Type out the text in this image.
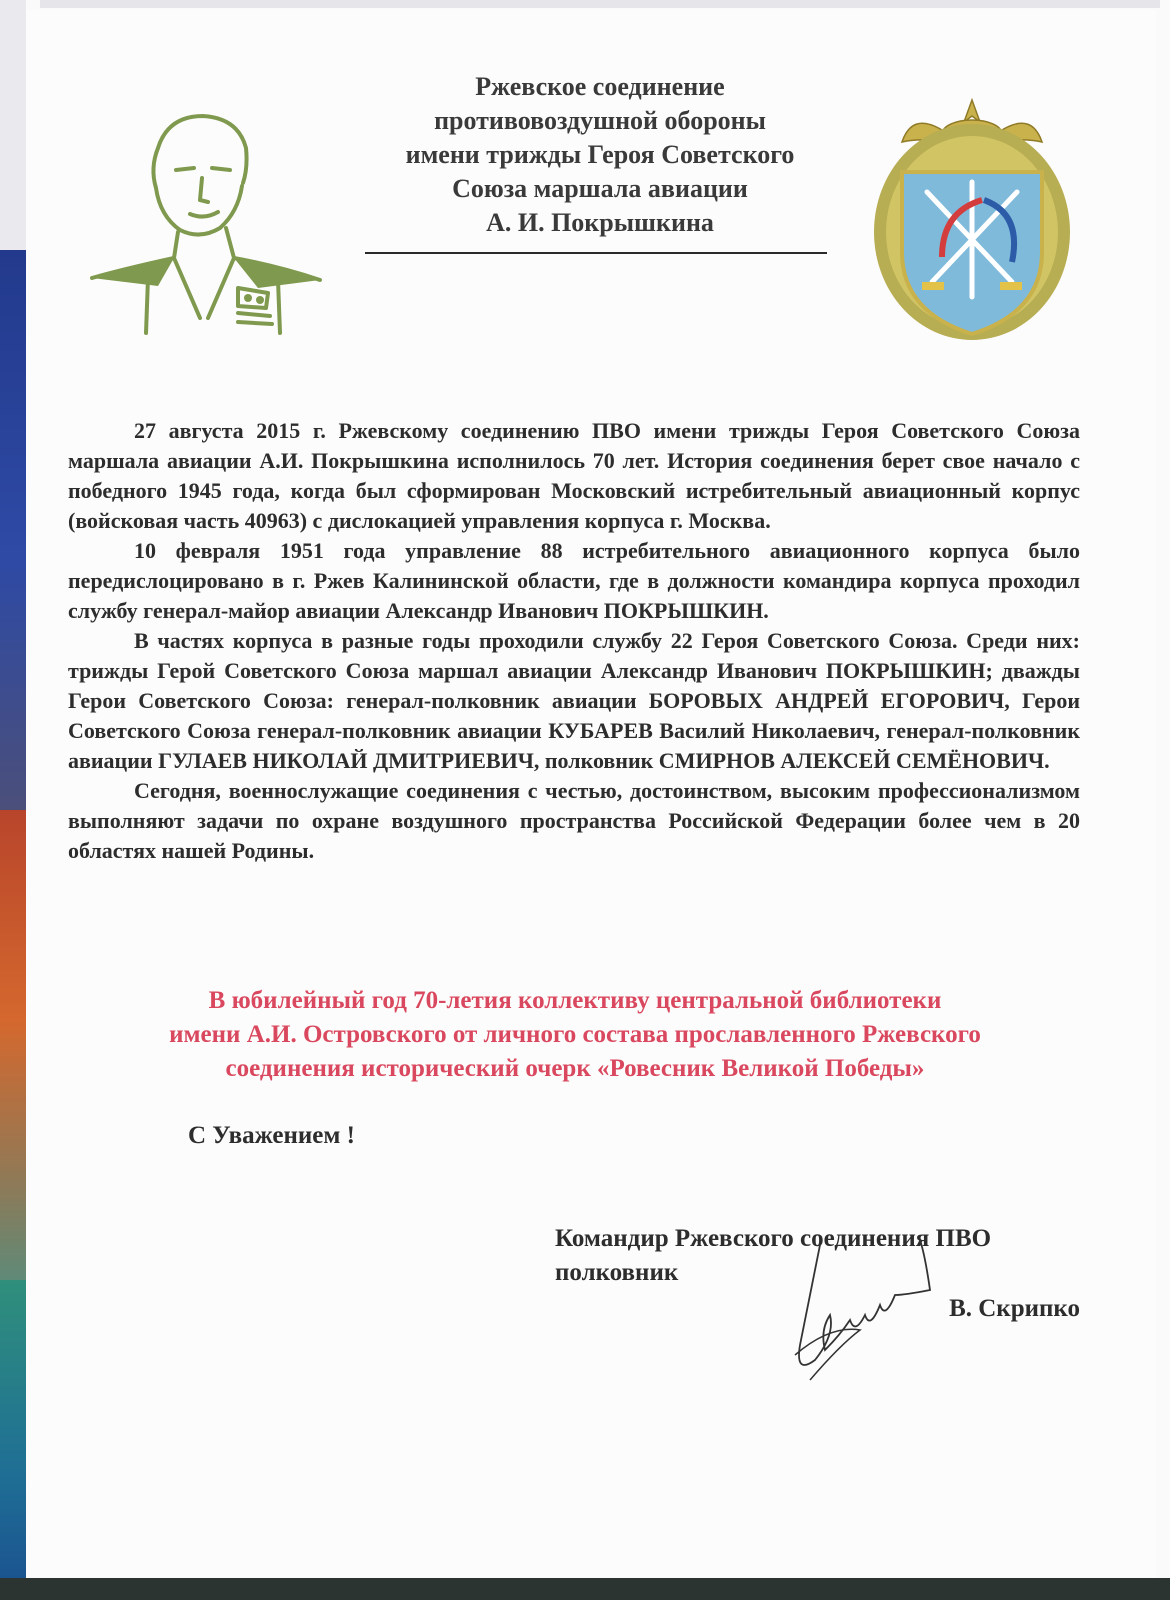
Ржевское соединение
противовоздушной обороны
имени трижды Героя Советского
Союза маршала авиации
А. И. Покрышкина

27 августа 2015 г. Ржевскому соединению ПВО имени трижды Героя Советского Союза маршала авиации А.И. Покрышкина исполнилось 70 лет. История соединения берет свое начало с победного 1945 года, когда был сформирован Московский истребительный авиационный корпус (войсковая часть 40963) с дислокацией управления корпуса г. Москва.

10 февраля 1951 года управление 88 истребительного авиационного корпуса было передислоцировано в г. Ржев Калининской области, где в должности командира корпуса проходил службу генерал-майор авиации Александр Иванович ПОКРЫШКИН.

В частях корпуса в разные годы проходили службу 22 Героя Советского Союза. Среди них: трижды Герой Советского Союза маршал авиации Александр Иванович ПОКРЫШКИН; дважды Герои Советского Союза: генерал-полковник авиации БОРОВЫХ АНДРЕЙ ЕГОРОВИЧ, Герои Советского Союза генерал-полковник авиации КУБАРЕВ Василий Николаевич, генерал-полковник авиации ГУЛАЕВ НИКОЛАЙ ДМИТРИЕВИЧ, полковник СМИРНОВ АЛЕКСЕЙ СЕМЁНОВИЧ.

Сегодня, военнослужащие соединения с честью, достоинством, высоким профессионализмом выполняют задачи по охране воздушного пространства Российской Федерации более чем в 20 областях нашей Родины.

В юбилейный год 70-летия коллективу центральной библиотеки
имени А.И. Островского от личного состава прославленного Ржевского
соединения исторический очерк «Ровесник Великой Победы»
С Уважением !
Командир Ржевского соединения ПВО
полковник
В. Скрипко
